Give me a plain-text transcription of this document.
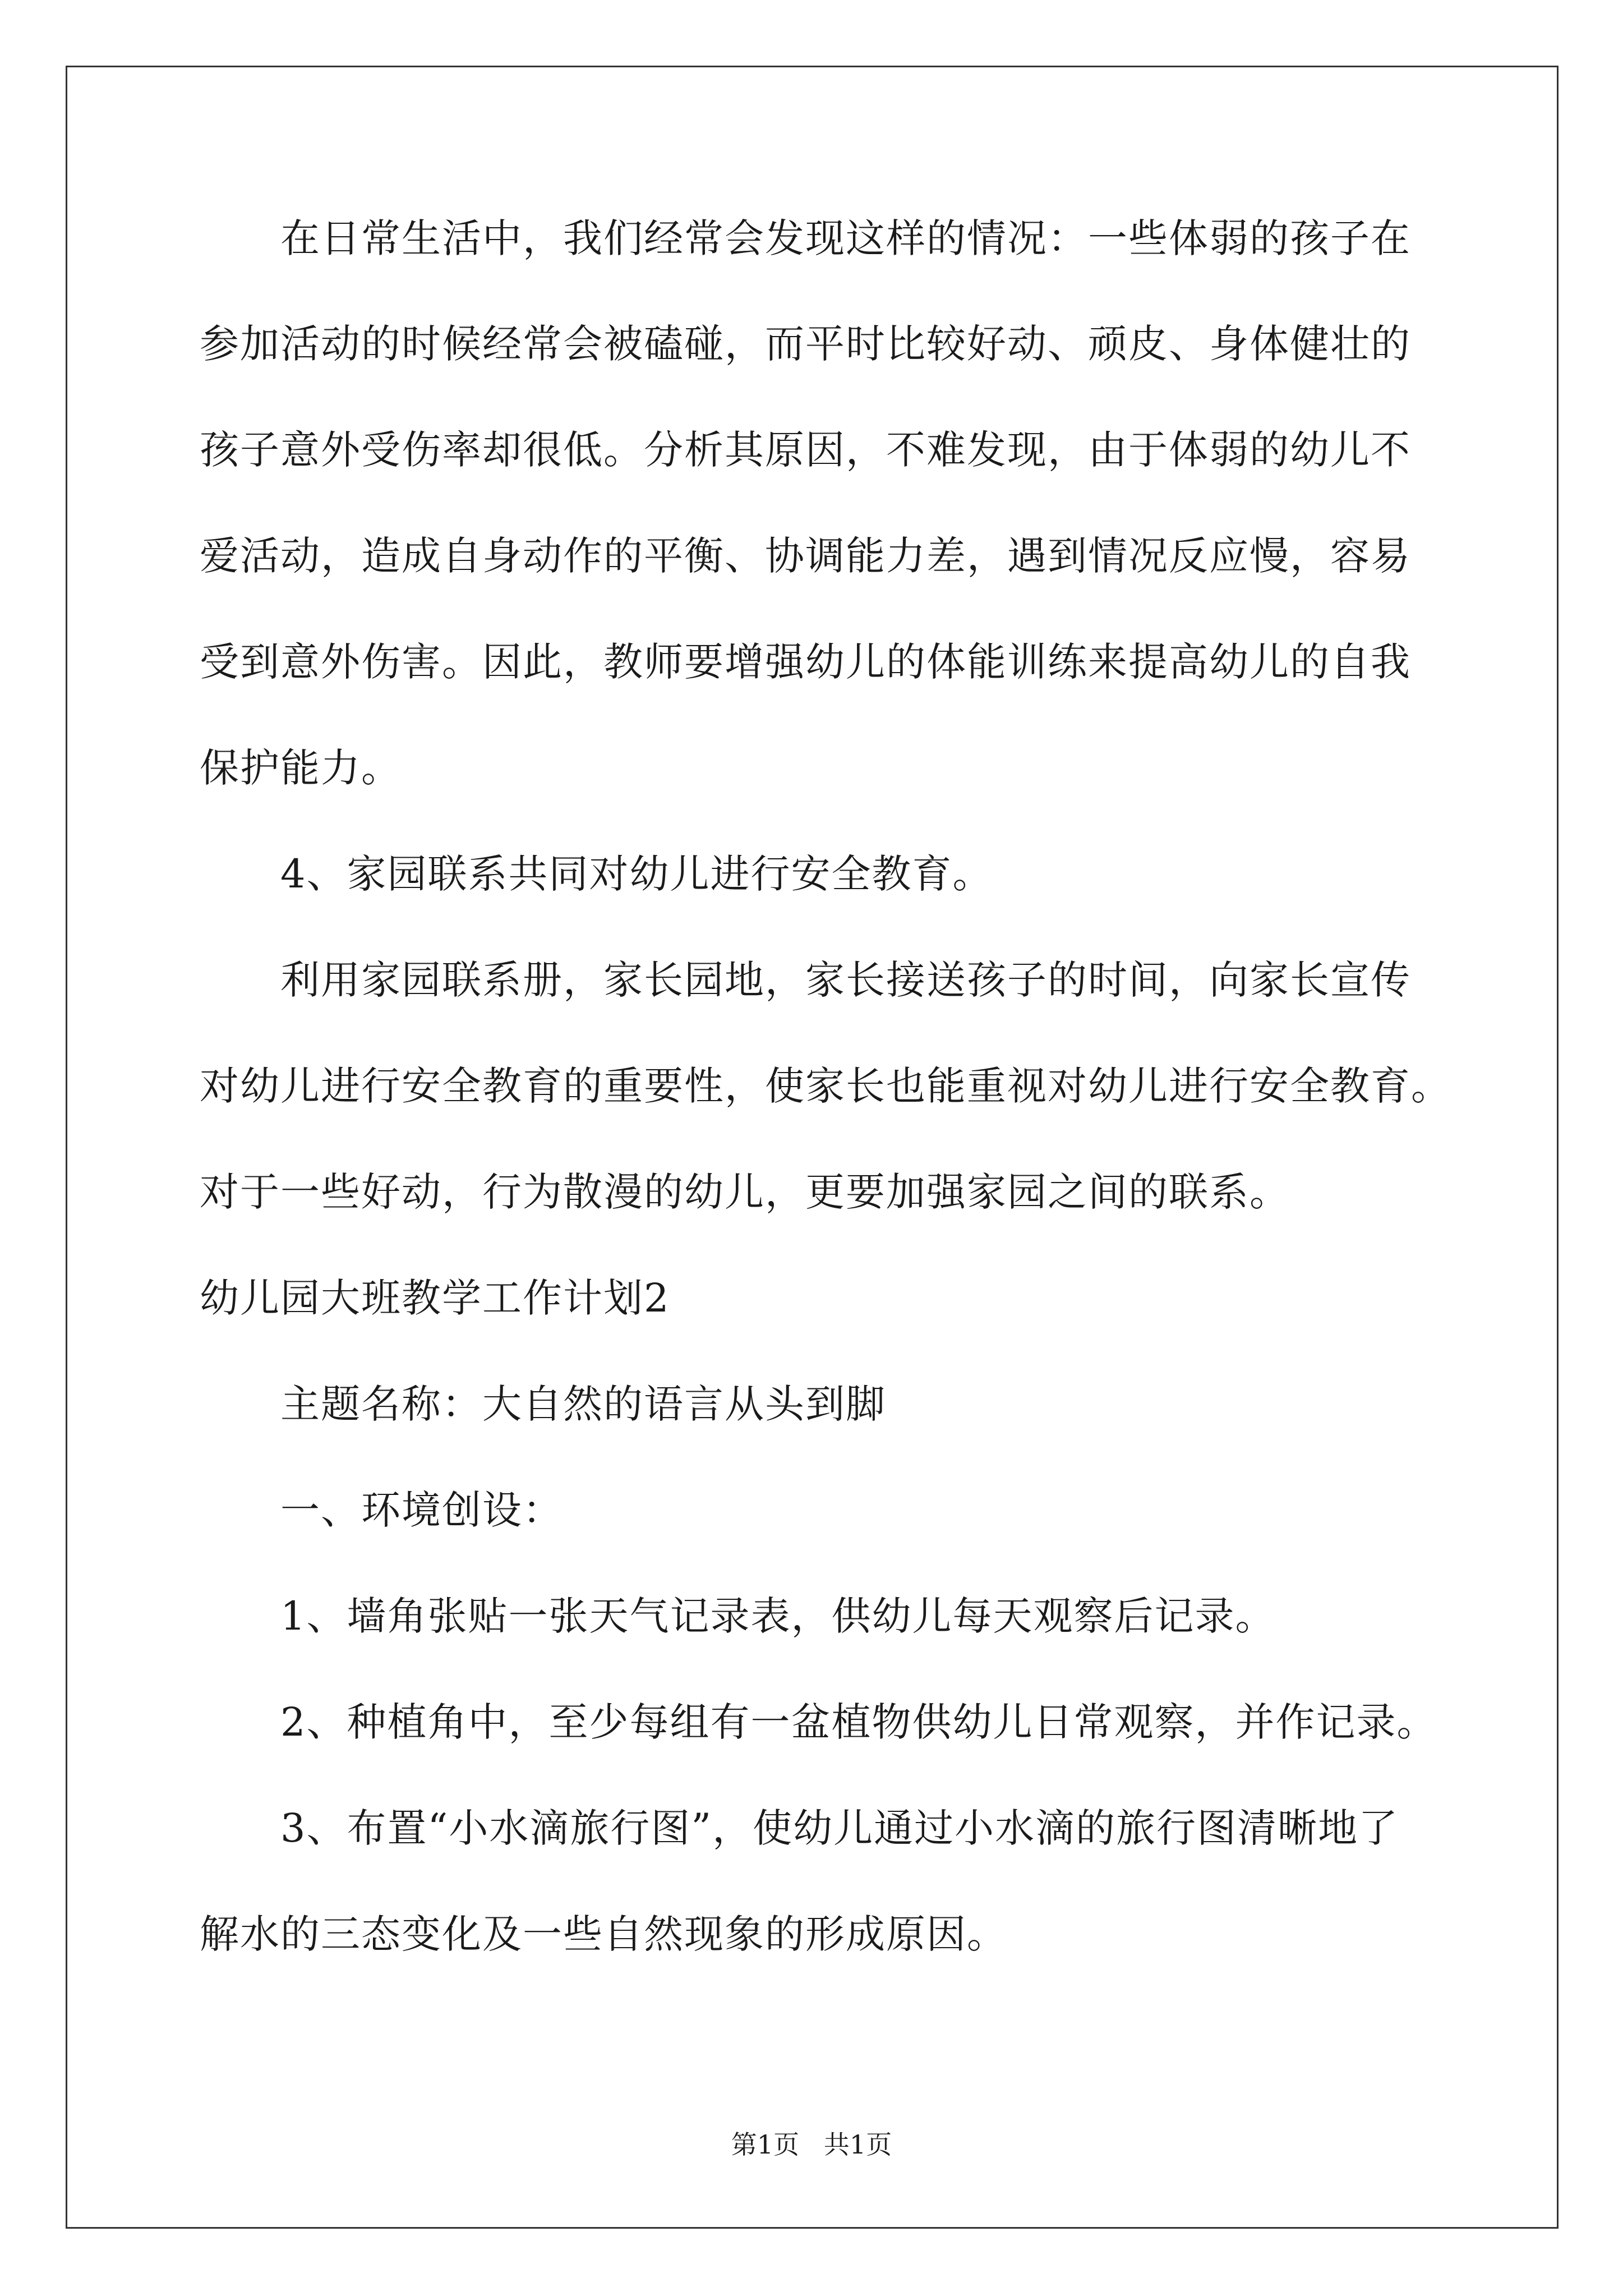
在日常生活中，我们经常会发现这样的情况：一些体弱的孩子在
参加活动的时候经常会被磕碰，而平时比较好动、顽皮、身体健壮的
孩子意外受伤率却很低。分析其原因，不难发现，由于体弱的幼儿不
爱活动，造成自身动作的平衡、协调能力差，遇到情况反应慢，容易
受到意外伤害。因此，教师要增强幼儿的体能训练来提高幼儿的自我
保护能力。
4、家园联系共同对幼儿进行安全教育。
利用家园联系册，家长园地，家长接送孩子的时间，向家长宣传
对幼儿进行安全教育的重要性，使家长也能重视对幼儿进行安全教育。
对于一些好动，行为散漫的幼儿，更要加强家园之间的联系。
幼儿园大班教学工作计划2
主题名称：大自然的语言从头到脚
一、环境创设：
1、墙角张贴一张天气记录表，供幼儿每天观察后记录。
2、种植角中，至少每组有一盆植物供幼儿日常观察，并作记录。
3、布置“小水滴旅行图”，使幼儿通过小水滴的旅行图清晰地了
解水的三态变化及一些自然现象的形成原因。
第1页   共1页
